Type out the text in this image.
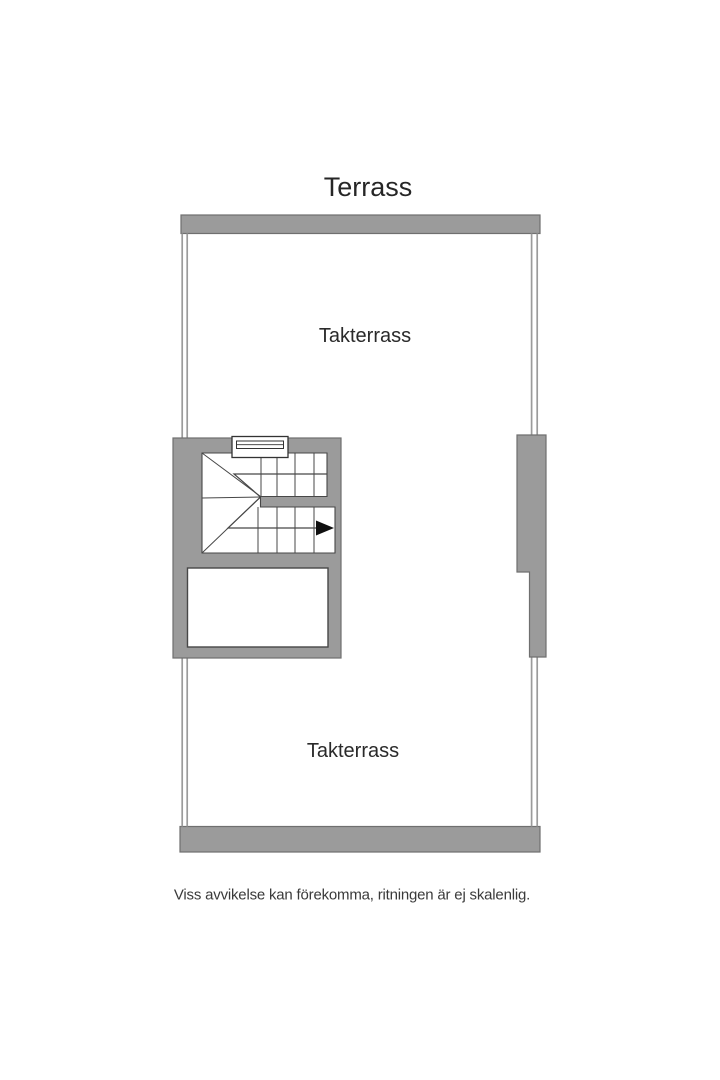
Terrass
Takterrass
Takterrass
Viss avvikelse kan förekomma, ritningen är ej skalenlig.
